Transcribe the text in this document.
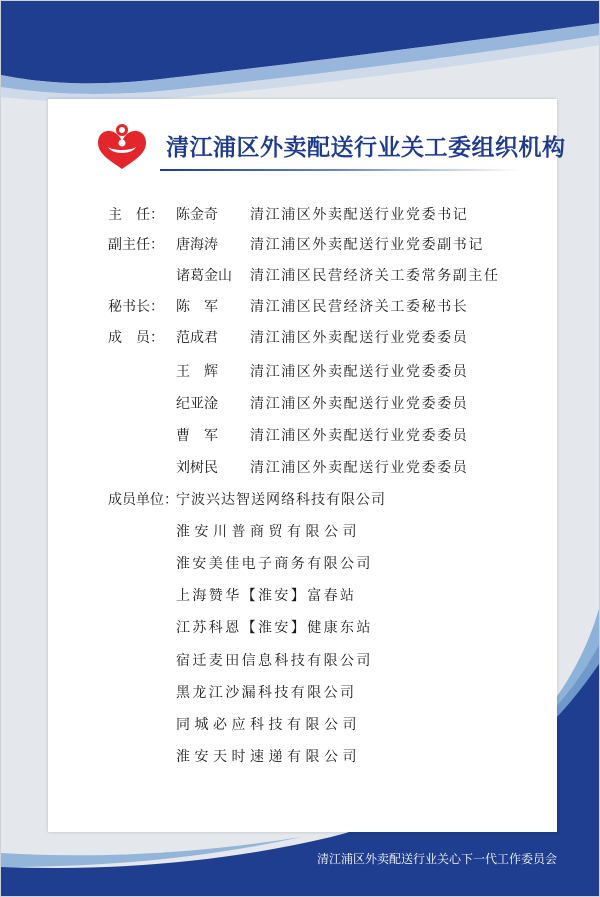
清江浦区外卖配送行业关工委组织机构
主　任： 陈金奇	清江浦区外卖配送行业党委书记
副主任： 唐海涛	清江浦区外卖配送行业党委副书记
诸葛金山	清江浦区民营经济关工委常务副主任
秘书长： 陈　军	清江浦区民营经济关工委秘书长
成　员： 范成君	清江浦区外卖配送行业党委委员
王　辉	清江浦区外卖配送行业党委委员
纪亚淦	清江浦区外卖配送行业党委委员
曹　军	清江浦区外卖配送行业党委委员
刘树民	清江浦区外卖配送行业党委委员
成员单位：
宁波兴达智送网络科技有限公司
淮安川普商贸有限公司
淮安美佳电子商务有限公司
上海赞华【淮安】富春站
江苏科恩【淮安】健康东站
宿迁麦田信息科技有限公司
黑龙江沙漏科技有限公司
同城必应科技有限公司
淮安天时速递有限公司
清江浦区外卖配送行业关心下一代工作委员会
